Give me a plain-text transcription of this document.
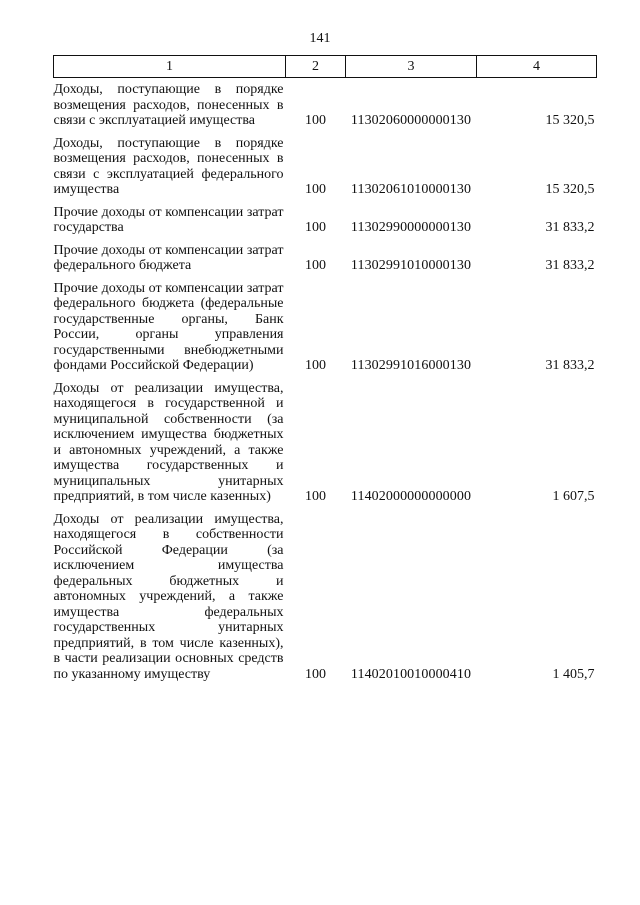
141
1	2	3	4
Доходы, поступающие в порядке возмещения расходов, понесенных в связи с эксплуатацией имущества	100	11302060000000130	15 320,5
Доходы, поступающие в порядке возмещения расходов, понесенных в связи с эксплуатацией федерального имущества	100	11302061010000130	15 320,5
Прочие доходы от компенсации затрат государства	100	11302990000000130	31 833,2
Прочие доходы от компенсации затрат федерального бюджета	100	11302991010000130	31 833,2
Прочие доходы от компенсации затрат федерального бюджета (федеральные государственные органы, Банк России, органы управления государственными внебюджетными фондами Российской Федерации)	100	11302991016000130	31 833,2
Доходы от реализации имущества, находящегося в государственной и муниципальной собственности (за исключением имущества бюджетных и автономных учреждений, а также имущества государственных и муниципальных унитарных предприятий, в том числе казенных)	100	11402000000000000	1 607,5
Доходы от реализации имущества, находящегося в собственности Российской Федерации (за исключением имущества федеральных бюджетных и автономных учреждений, а также имущества федеральных государственных унитарных предприятий, в том числе казенных), в части реализации основных средств по указанному имуществу	100	11402010010000410	1 405,7
